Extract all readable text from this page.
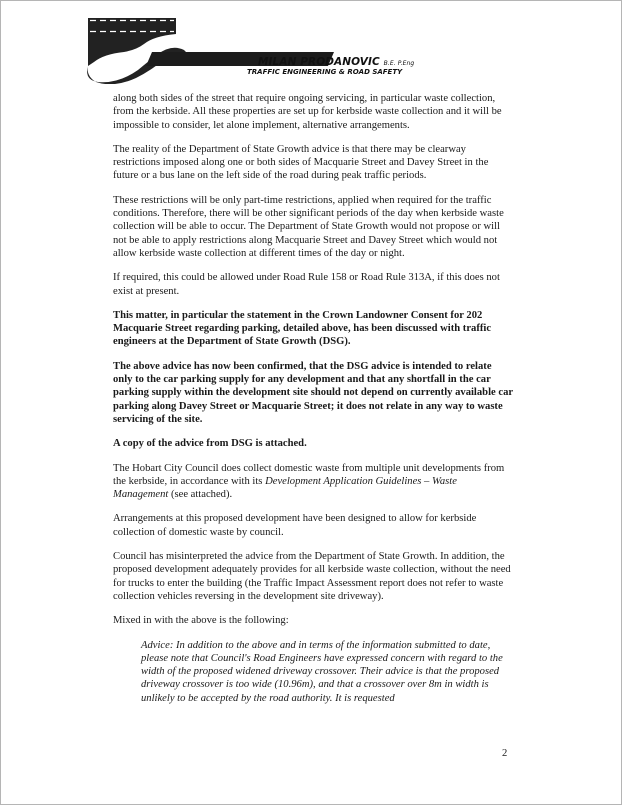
MILAN PRODANOVIC B.E. P.Eng
TRAFFIC ENGINEERING & ROAD SAFETY

along both sides of the street that require ongoing servicing, in particular waste collection, from the kerbside. All these properties are set up for kerbside waste collection and it will be impossible to consider, let alone implement, alternative arrangements.

The reality of the Department of State Growth advice is that there may be clearway restrictions imposed along one or both sides of Macquarie Street and Davey Street in the future or a bus lane on the left side of the road during peak traffic periods.

These restrictions will be only part-time restrictions, applied when required for the traffic conditions. Therefore, there will be other significant periods of the day when kerbside waste collection will be able to occur. The Department of State Growth would not propose or will not be able to apply restrictions along Macquarie Street and Davey Street which would not allow kerbside waste collection at different times of the day or night.

If required, this could be allowed under Road Rule 158 or Road Rule 313A, if this does not exist at present.

This matter, in particular the statement in the Crown Landowner Consent for 202 Macquarie Street regarding parking, detailed above, has been discussed with traffic engineers at the Department of State Growth (DSG).

The above advice has now been confirmed, that the DSG advice is intended to relate only to the car parking supply for any development and that any shortfall in the car parking supply within the development site should not depend on currently available car parking along Davey Street or Macquarie Street; it does not relate in any way to waste servicing of the site.

A copy of the advice from DSG is attached.

The Hobart City Council does collect domestic waste from multiple unit developments from the kerbside, in accordance with its Development Application Guidelines – Waste Management (see attached).

Arrangements at this proposed development have been designed to allow for kerbside collection of domestic waste by council.

Council has misinterpreted the advice from the Department of State Growth. In addition, the proposed development adequately provides for all kerbside waste collection, without the need for trucks to enter the building (the Traffic Impact Assessment report does not refer to waste collection vehicles reversing in the development site driveway).

Mixed in with the above is the following:

Advice: In addition to the above and in terms of the information submitted to date, please note that Council's Road Engineers have expressed concern with regard to the width of the proposed widened driveway crossover. Their advice is that the proposed driveway crossover is too wide (10.96m), and that a crossover over 8m in width is unlikely to be accepted by the road authority. It is requested

2
